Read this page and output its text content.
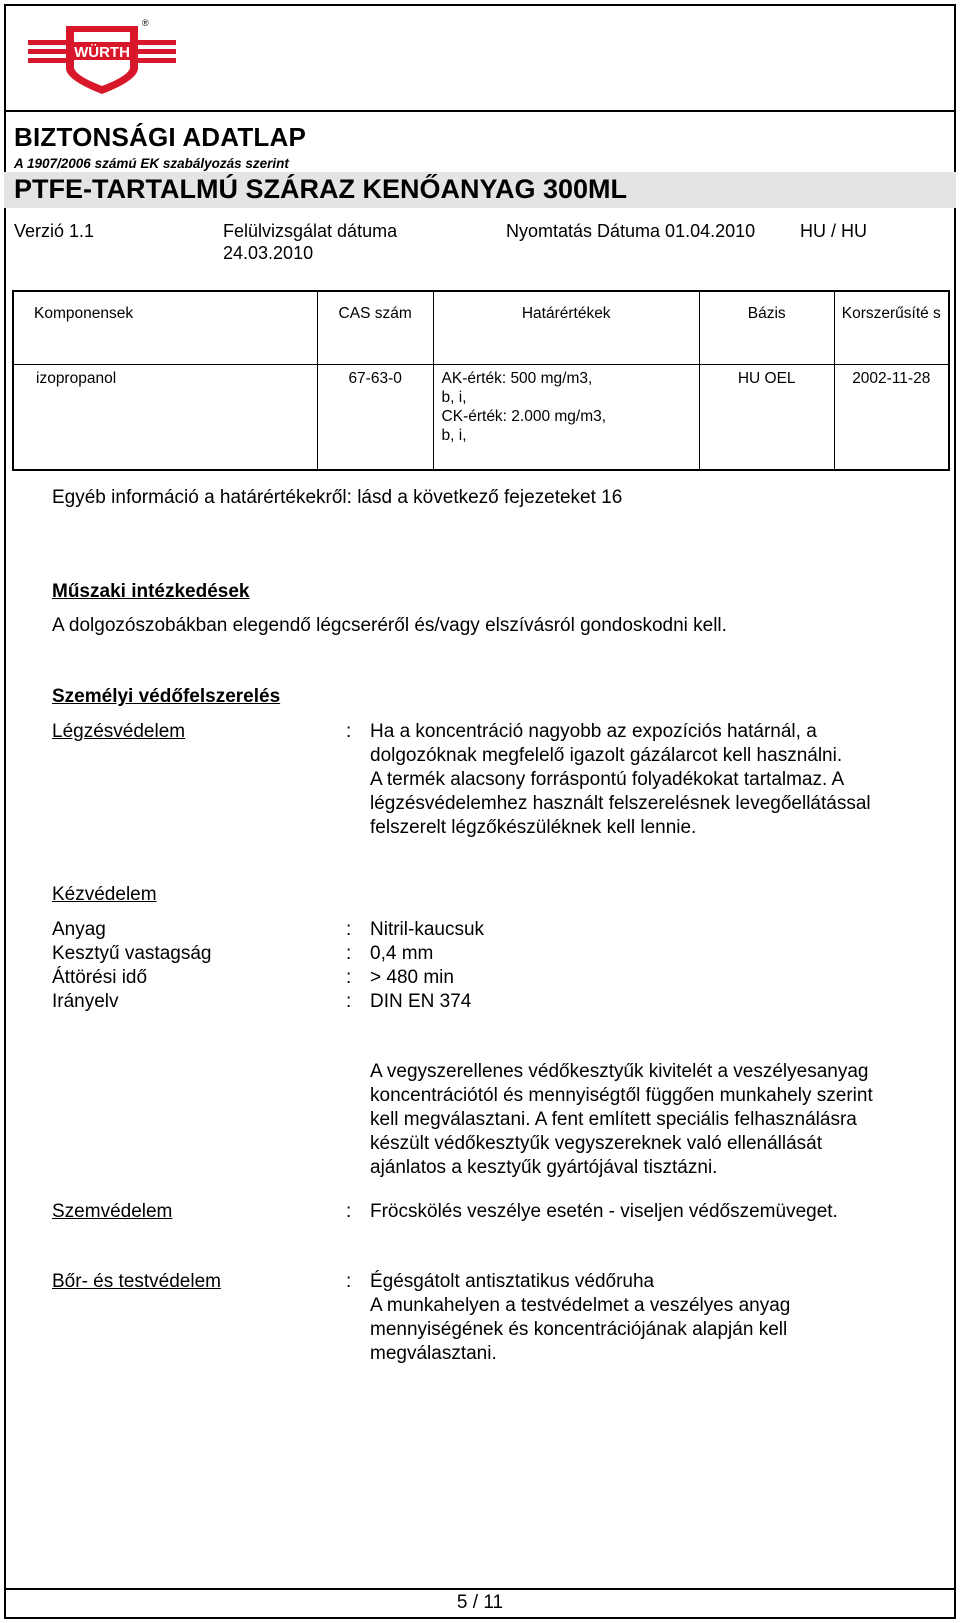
WÜRTH
®
BIZTONSÁGI ADATLAP
A 1907/2006 számú EK szabályozás szerint
PTFE-TARTALMÚ SZÁRAZ KENŐANYAG 300ML
Verzió 1.1	Felülvizsgálat dátuma
24.03.2010
Nyomtatás Dátuma 01.04.2010 HU / HU
Komponensek	CAS szám	Határértékek	Bázis	Korszerűsíté s
izopropanol	67-63-0	AK-érték: 500 mg/m3,
b, i,
CK-érték: 2.000 mg/m3,
b, i,	HU OEL	2002-11-28
Egyéb információ a határértékekről: lásd a következő fejezeteket 16
Műszaki intézkedések
A dolgozószobákban elegendő légcseréről és/vagy elszívásról gondoskodni kell.
Személyi védőfelszerelés
Légzésvédelem	: Ha a koncentráció nagyobb az expozíciós határnál, a
dolgozóknak megfelelő igazolt gázálarcot kell használni.
A termék alacsony forráspontú folyadékokat tartalmaz. A
légzésvédelemhez használt felszerelésnek levegőellátással
felszerelt légzőkészüléknek kell lennie.
Kézvédelem
Anyag	: Nitril-kaucsuk
Kesztyű vastagság	: 0,4 mm
Áttörési idő	: > 480 min
Irányelv	: DIN EN 374
A vegyszerellenes védőkesztyűk kivitelét a veszélyesanyag
koncentrációtól és mennyiségtől függően munkahely szerint
kell megválasztani. A fent említett speciális felhasználásra
készült védőkesztyűk vegyszereknek való ellenállását
ajánlatos a kesztyűk gyártójával tisztázni.
Szemvédelem	: Fröcskölés veszélye esetén - viseljen védőszemüveget.
Bőr- és testvédelem	: Égésgátolt antisztatikus védőruha
A munkahelyen a testvédelmet a veszélyes anyag
mennyiségének és koncentrációjának alapján kell
megválasztani.
5 / 11
